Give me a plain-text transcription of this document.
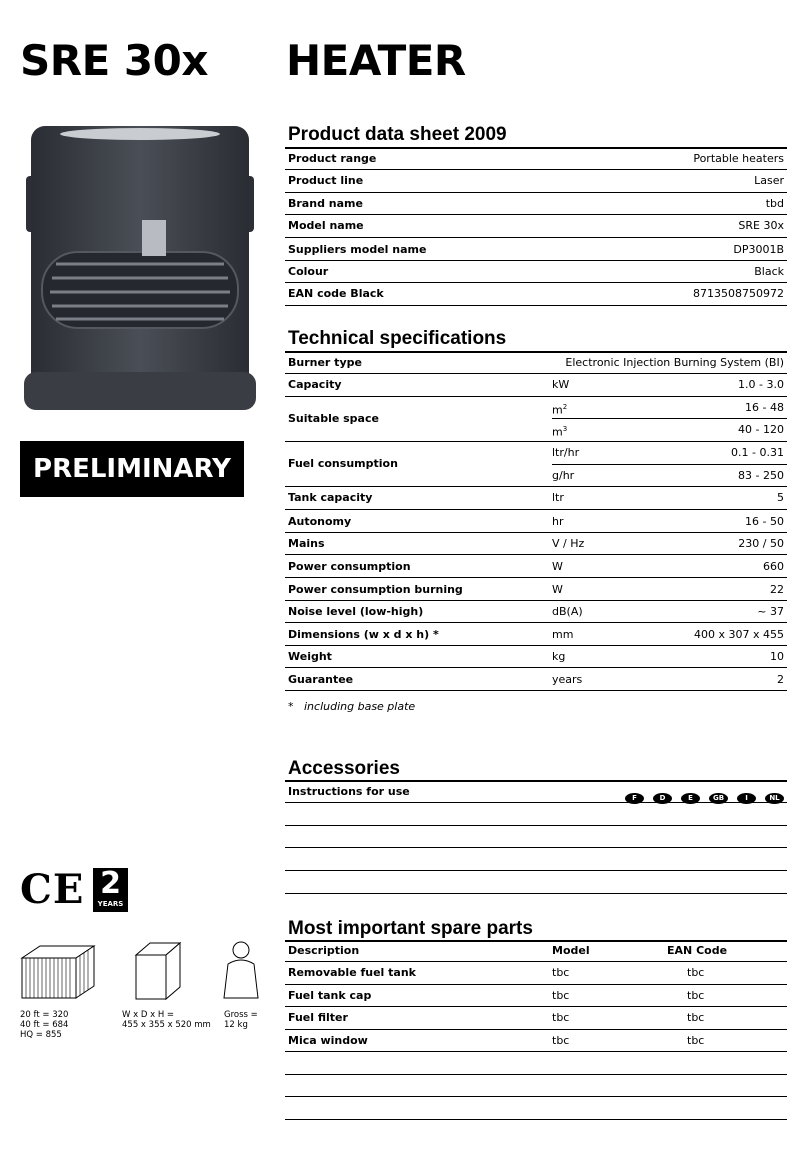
SRE 30x HEATER
PRELIMINARY
Product data sheet 2009
Product range	Portable heaters
Product line	Laser
Brand name	tbd
Model name	SRE 30x
Suppliers model name	DP3001B
Colour	Black
EAN code Black	8713508750972
Technical specifications
Burner type	Electronic Injection Burning System (BI)
Capacity	kW	1.0 - 3.0
Suitable space
$m^2$	16 - 48
$m^3$	40 - 120
Fuel consumption
ltr/hr	0.1 - 0.31
g/hr	83 - 250
Tank capacity	ltr	5
Autonomy	hr	16 - 50
Mains	V / Hz	230 / 50
Power consumption	W	660
Power consumption burning	W	22
Noise level (low-high)	dB(A)	~ 37
Dimensions (w x d x h) *	mm	400 x 307 x 455
Weight	kg	10
Guarantee	years	2
* including base plate
Accessories
Instructions for use	F	D	E	GB	I	NL
Most important spare parts
Description	Model	EAN Code
Removable fuel tank	tbc	tbc
Fuel tank cap	tbc	tbc
Fuel filter	tbc	tbc
Mica window	tbc	tbc
CE 2
YEARS
20 ft = 320
40 ft = 684
HQ = 855
W x D x H =
455 x 355 x 520 mm
Gross =
12 kg
